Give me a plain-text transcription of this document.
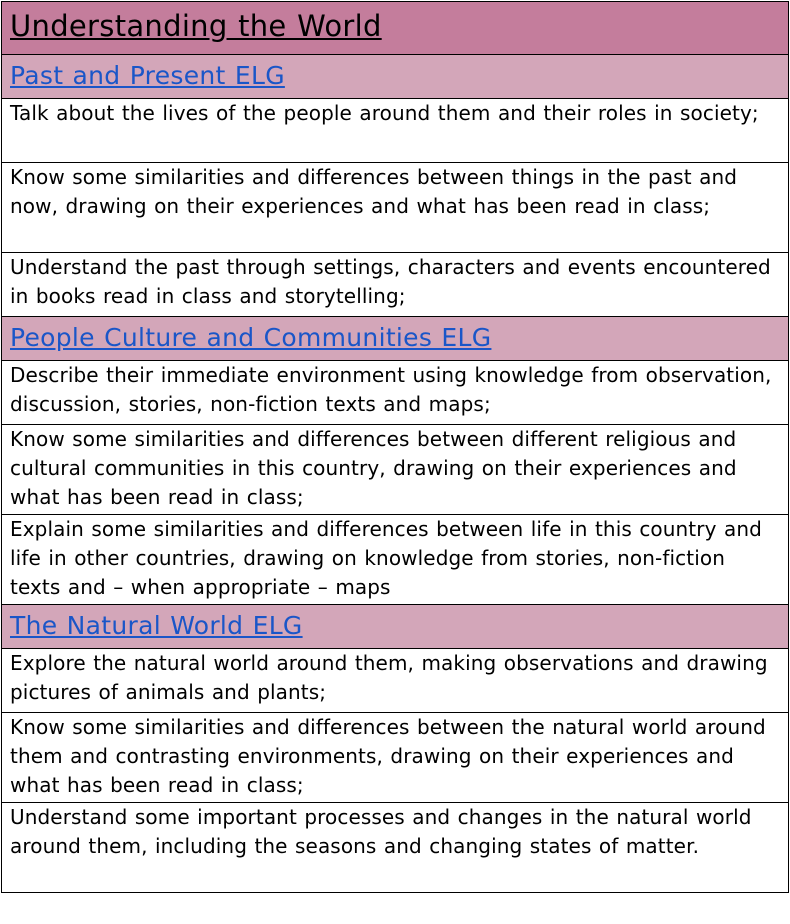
Understanding the World
Past and Present ELG
Talk about the lives of the people around them and their roles in society;
Know some similarities and differences between things in the past and now, drawing on their experiences and what has been read in class;
Understand the past through settings, characters and events encountered in books read in class and storytelling;
People Culture and Communities ELG
Describe their immediate environment using knowledge from observation, discussion, stories, non-fiction texts and maps;
Know some similarities and differences between different religious and cultural communities in this country, drawing on their experiences and what has been read in class;
Explain some similarities and differences between life in this country and life in other countries, drawing on knowledge from stories, non-fiction texts and – when appropriate – maps
The Natural World ELG
Explore the natural world around them, making observations and drawing pictures of animals and plants;
Know some similarities and differences between the natural world around them and contrasting environments, drawing on their experiences and what has been read in class;
Understand some important processes and changes in the natural world around them, including the seasons and changing states of matter.
